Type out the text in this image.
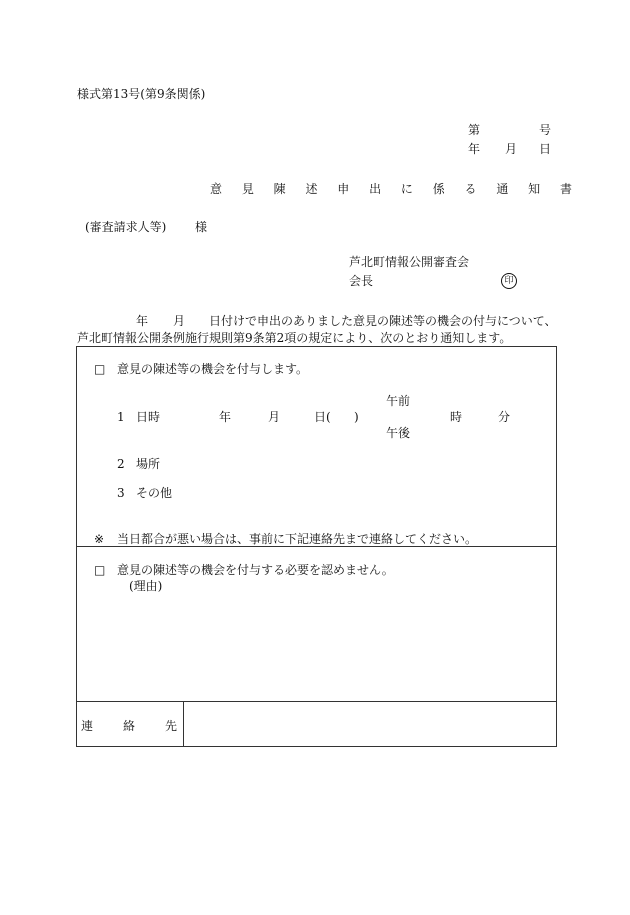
様式第13号(第9条関係)
第	号
年 月 日
意 見 陳 述 申 出 に 係 る 通 知 書
(審査請求人等) 様
芦北町情報公開審査会
会長	印
年 月 日付けで申出のありました意見の陳述等の機会の付与について、
芦北町情報公開条例施行規則第9条第2項の規定により、次のとおり通知します。
□ 意見の陳述等の機会を付与します。
午前
1 日時	年	月	日( )	時	分
午後
2 場所
3 その他
※ 当日都合が悪い場合は、事前に下記連絡先まで連絡してください。
□ 意見の陳述等の機会を付与する必要を認めません。
(理由)
連 絡 先
